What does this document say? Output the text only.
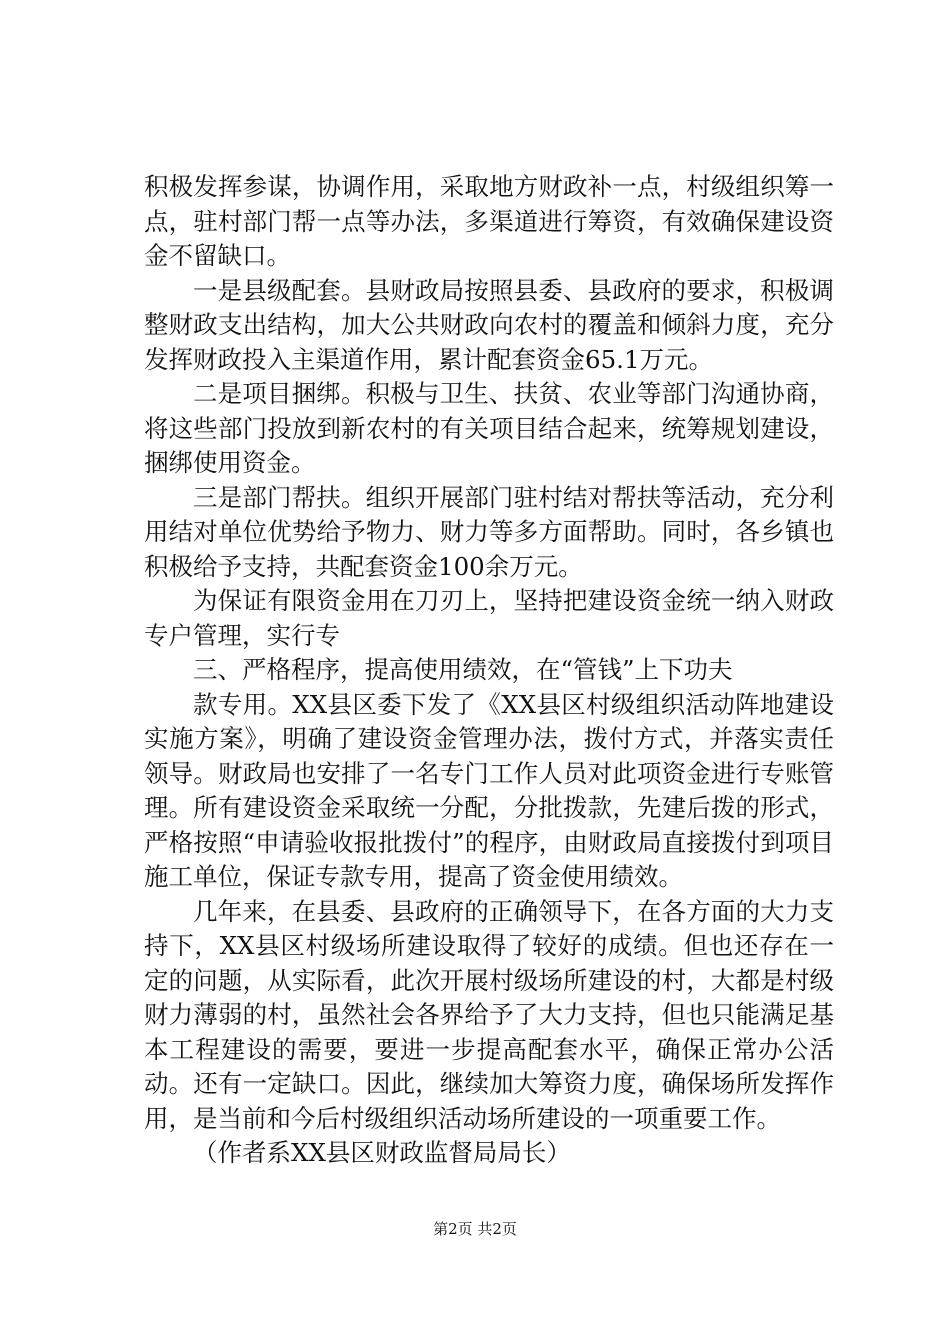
积极发挥参谋，协调作用，采取地方财政补一点，村级组织筹一点，驻村部门帮一点等办法，多渠道进行筹资，有效确保建设资金不留缺口。

一是县级配套。县财政局按照县委、县政府的要求，积极调整财政支出结构，加大公共财政向农村的覆盖和倾斜力度，充分发挥财政投入主渠道作用，累计配套资金65.1万元。

二是项目捆绑。积极与卫生、扶贫、农业等部门沟通协商，将这些部门投放到新农村的有关项目结合起来，统筹规划建设，捆绑使用资金。

三是部门帮扶。组织开展部门驻村结对帮扶等活动，充分利用结对单位优势给予物力、财力等多方面帮助。同时，各乡镇也积极给予支持，共配套资金100余万元。

为保证有限资金用在刀刃上，坚持把建设资金统一纳入财政专户管理，实行专

三、严格程序，提高使用绩效，在“管钱”上下功夫

款专用。XX县区委下发了《XX县区村级组织活动阵地建设实施方案》，明确了建设资金管理办法，拨付方式，并落实责任领导。财政局也安排了一名专门工作人员对此项资金进行专账管理。所有建设资金采取统一分配，分批拨款，先建后拨的形式，严格按照“申请验收报批拨付”的程序，由财政局直接拨付到项目施工单位，保证专款专用，提高了资金使用绩效。

几年来，在县委、县政府的正确领导下，在各方面的大力支持下，XX县区村级场所建设取得了较好的成绩。但也还存在一定的问题，从实际看，此次开展村级场所建设的村，大都是村级财力薄弱的村，虽然社会各界给予了大力支持，但也只能满足基本工程建设的需要，要进一步提高配套水平，确保正常办公活动。还有一定缺口。因此，继续加大筹资力度，确保场所发挥作用，是当前和今后村级组织活动场所建设的一项重要工作。

（作者系XX县区财政监督局局长）

第2页 共2页
